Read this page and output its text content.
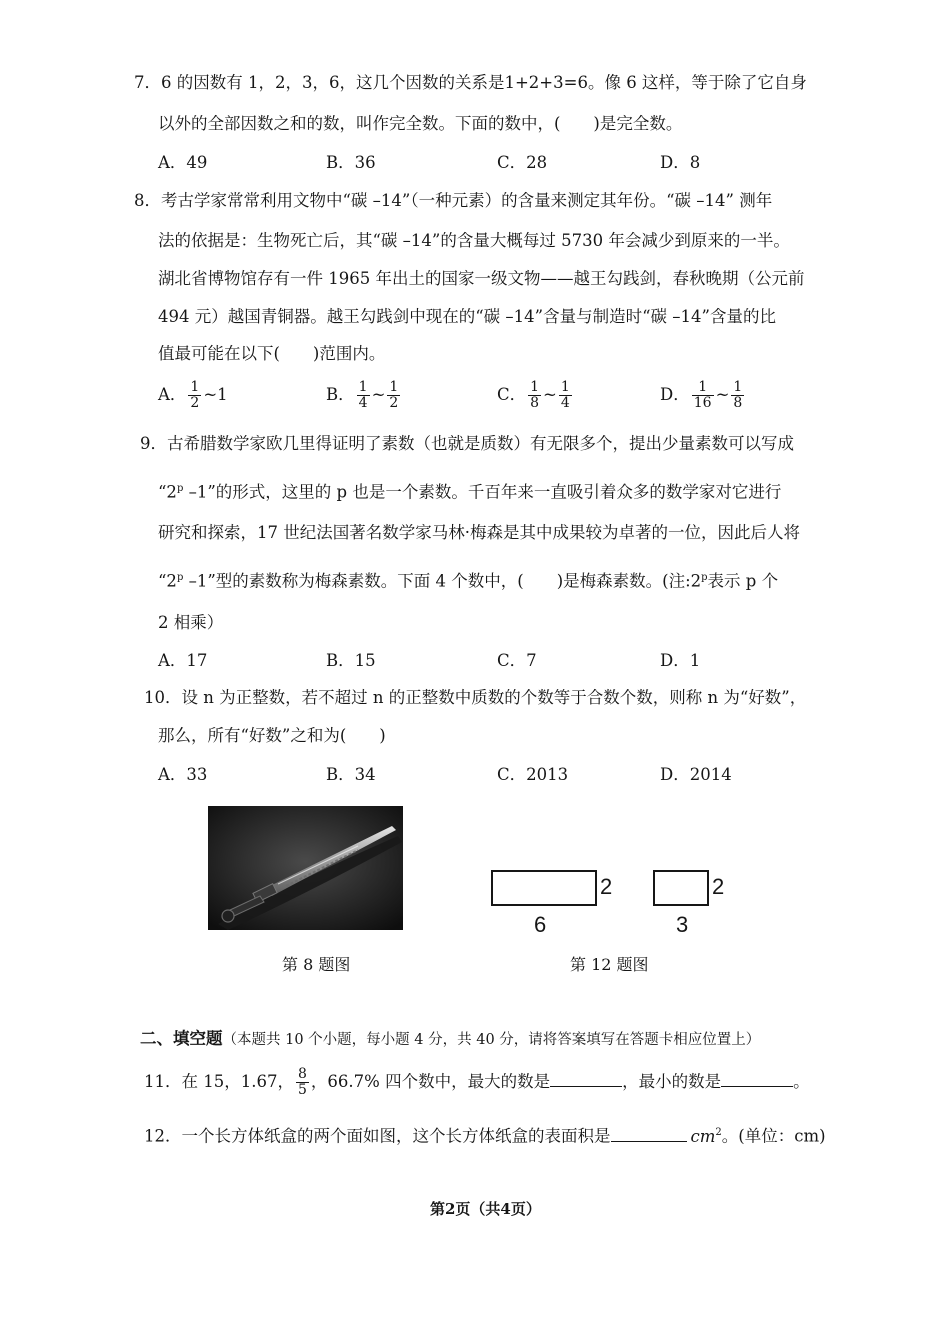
7．6 的因数有 1，2，3，6，这几个因数的关系是1+2+3=6。像 6 这样，等于除了它自身
以外的全部因数之和的数，叫作完全数。下面的数中，(　　)是完全数。
A．49	B．36	C．28	D．8
8．考古学家常常利用文物中“碳 –14”（一种元素）的含量来测定其年份。“碳 –14” 测年
法的依据是：生物死亡后，其“碳 –14”的含量大概每过 5730 年会减少到原来的一半。
湖北省博物馆存有一件 1965 年出土的国家一级文物——越王勾践剑，春秋晚期（公元前
494 元）越国青铜器。越王勾践剑中现在的“碳 –14”含量与制造时“碳 –14”含量的比
值最可能在以下(　　)范围内。
A． $\frac{1}{2}$ ~1	B． $\frac{1}{4}$ ~ $\frac{1}{2}$	C． $\frac{1}{8}$ ~ $\frac{1}{4}$	D． $\frac{1}{16}$ ~ $\frac{1}{8}$
9．古希腊数学家欧几里得证明了素数（也就是质数）有无限多个，提出少量素数可以写成
“2$^p$ –1”的形式，这里的 p 也是一个素数。千百年来一直吸引着众多的数学家对它进行
研究和探索，17 世纪法国著名数学家马林·梅森是其中成果较为卓著的一位，因此后人将
“2$^p$ –1”型的素数称为梅森素数。下面 4 个数中，(　　)是梅森素数。(注:2$^p$表示 p 个
2 相乘）
A．17	B．15	C．7	D．1
10．设 n 为正整数，若不超过 n 的正整数中质数的个数等于合数个数，则称 n 为“好数”，
那么，所有“好数”之和为(　　)
A．33	B．34	C．2013	D．2014
第 8 题图
2
6
2
3
第 12 题图
二、填空题（本题共 10 个小题，每小题 4 分，共 40 分，请将答案填写在答题卡相应位置上）
11．在 15，1.67， $\frac{8}{5}$ ，66.7% 四个数中，最大的数是	，最小的数是	。
12．一个长方体纸盒的两个面如图，这个长方体纸盒的表面积是	$cm^2$。(单位：cm)
第2页（共4页）
